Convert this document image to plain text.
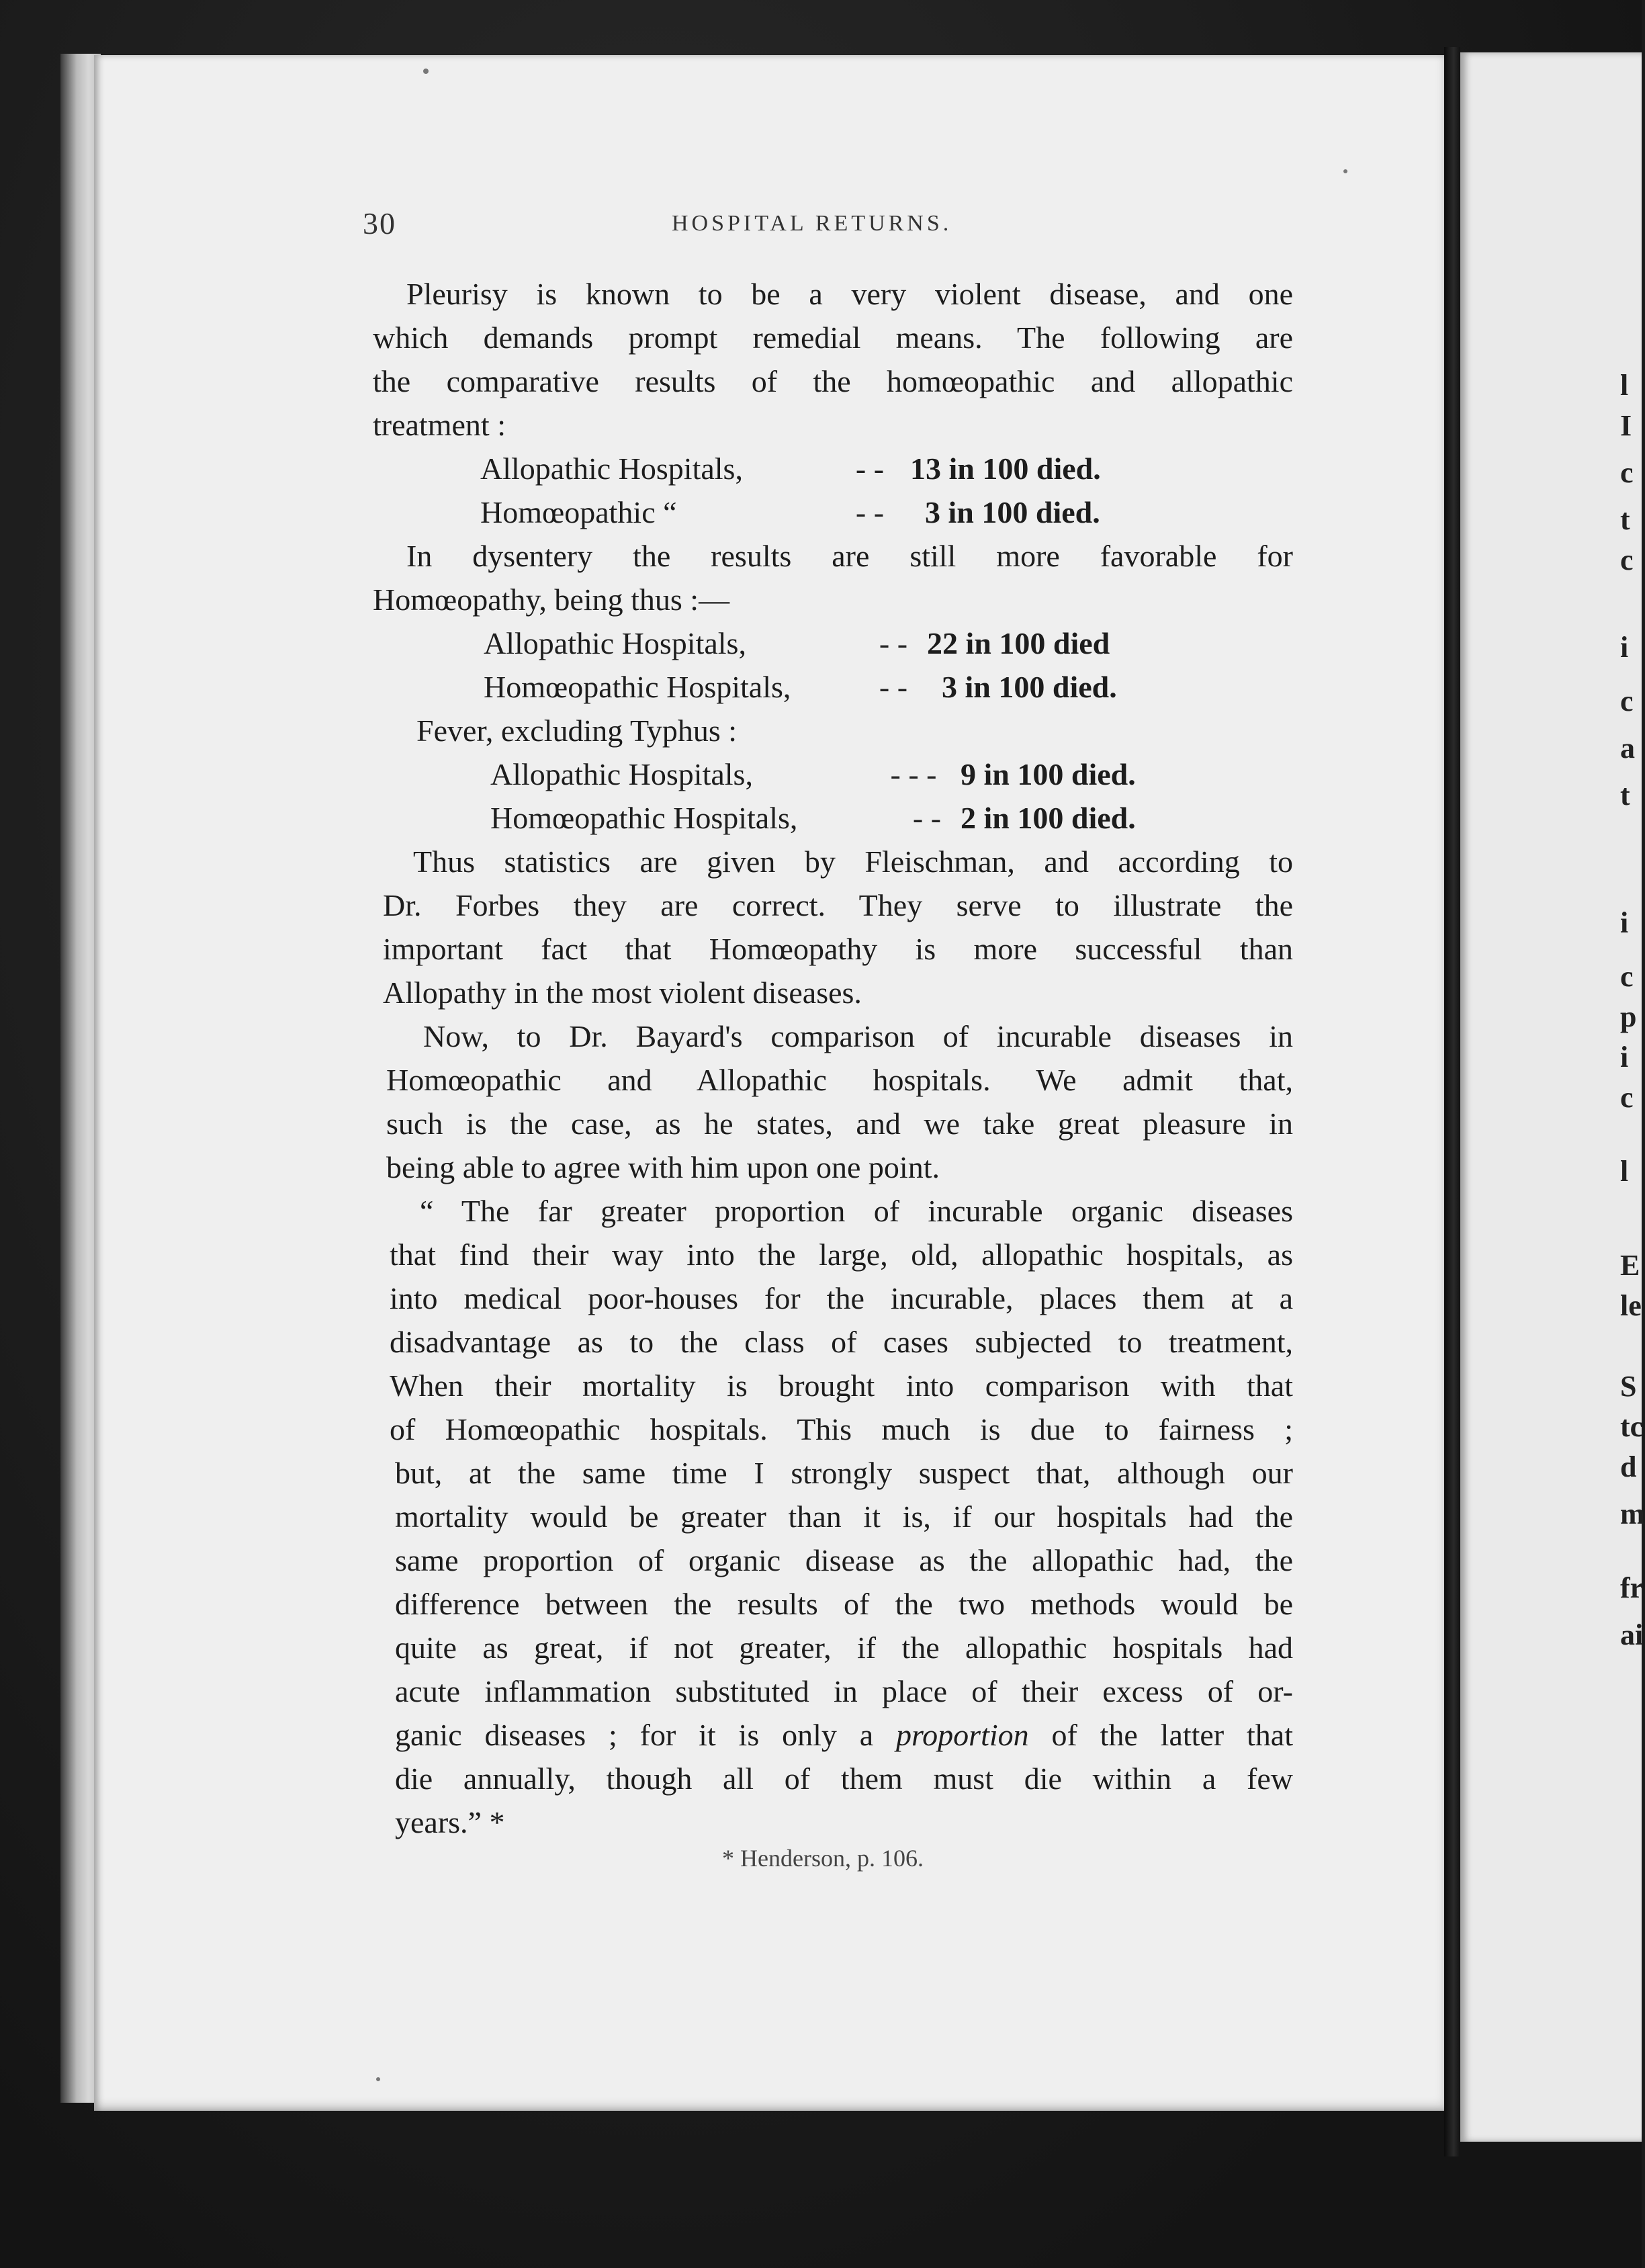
l
I
c
t
c
i
c
a
t
i
c
p
i
c
l
E
le
S
tc
d
m
fr
ai
30	HOSPITAL RETURNS.
Pleurisy is known to be a very violent disease, and one
which demands prompt remedial means. The following are
the comparative results of the homœopathic and allopathic
treatment :
Allopathic Hospitals,	- - 13 in 100 died.
Homœopathic “	- -	3 in 100 died.
In dysentery the results are still more favorable for
Homœopathy, being thus :—
Allopathic Hospitals,	- - 22 in 100 died
Homœopathic Hospitals,	- -	3 in 100 died.
Fever, excluding Typhus :
Allopathic Hospitals,	- - - 9 in 100 died.
Homœopathic Hospitals,	- - 2 in 100 died.
Thus statistics are given by Fleischman, and according to
Dr. Forbes they are correct. They serve to illustrate the
important fact that Homœopathy is more successful than
Allopathy in the most violent diseases.
Now, to Dr. Bayard's comparison of incurable diseases in
Homœopathic and Allopathic hospitals. We admit that,
such is the case, as he states, and we take great pleasure in
being able to agree with him upon one point.
“ The far greater proportion of incurable organic diseases
that find their way into the large, old, allopathic hospitals, as
into medical poor-houses for the incurable, places them at a
disadvantage as to the class of cases subjected to treatment,
When their mortality is brought into comparison with that
of Homœopathic hospitals. This much is due to fairness ;
but, at the same time I strongly suspect that, although our
mortality would be greater than it is, if our hospitals had the
same proportion of organic disease as the allopathic had, the
difference between the results of the two methods would be
quite as great, if not greater, if the allopathic hospitals had
acute inflammation substituted in place of their excess of or-
ganic diseases ; for it is only a proportion of the latter that
die annually, though all of them must die within a few
years.” *
* Henderson, p. 106.
